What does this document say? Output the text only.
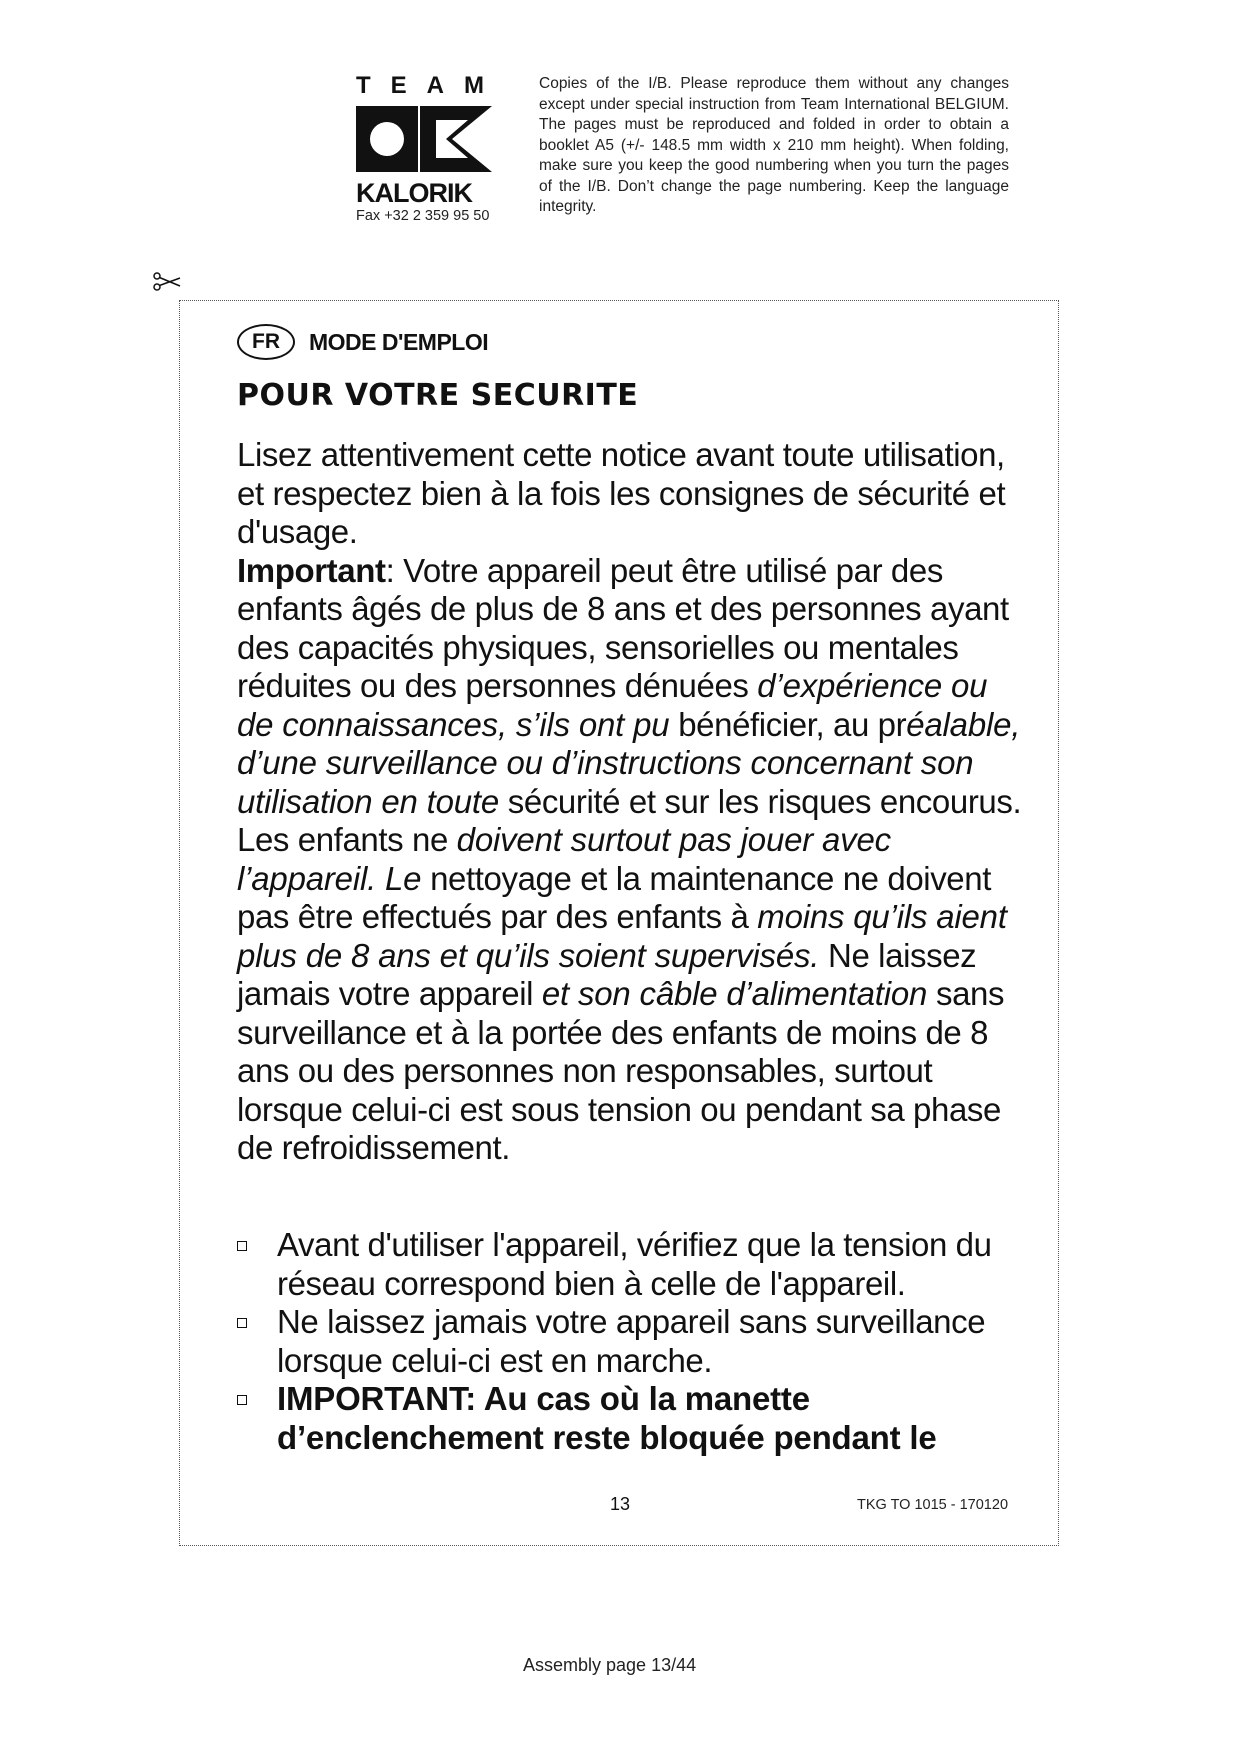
TEAM
KALORIK
Fax +32 2 359 95 50
Copies of the I/B. Please reproduce them without any changes except under special instruction from Team International BELGIUM. The pages must be reproduced and folded in order to obtain a booklet A5 (+/- 148.5 mm width x 210 mm height). When folding, make sure you keep the good numbering when you turn the pages of the I/B. Don’t change the page numbering. Keep the language integrity.
FR	MODE D'EMPLOI
POUR VOTRE SECURITE

Lisez attentivement cette notice avant toute utilisation, et respectez bien à la fois les consignes de sécurité et d'usage.

Important: Votre appareil peut être utilisé par des enfants âgés de plus de 8 ans et des personnes ayant des capacités physiques, sensorielles ou mentales réduites ou des personnes dénuées d’expérience ou de connaissances, s’ils ont pu bénéficier, au préalable, d’une surveillance ou d’instructions concernant son utilisation en toute sécurité et sur les risques encourus. Les enfants ne doivent surtout pas jouer avec l’appareil. Le nettoyage et la maintenance ne doivent pas être effectués par des enfants à moins qu’ils aient plus de 8 ans et qu’ils soient supervisés. Ne laissez jamais votre appareil et son câble d’alimentation sans surveillance et à la portée des enfants de moins de 8 ans ou des personnes non responsables, surtout lorsque celui-ci est sous tension ou pendant sa phase de refroidissement.

Avant d'utiliser l'appareil, vérifiez que la tension du réseau correspond bien à celle de l'appareil.
Ne laissez jamais votre appareil sans surveillance lorsque celui-ci est en marche.
IMPORTANT: Au cas où la manette d’enclenchement reste bloquée pendant le
13	TKG TO 1015 - 170120
Assembly page 13/44
